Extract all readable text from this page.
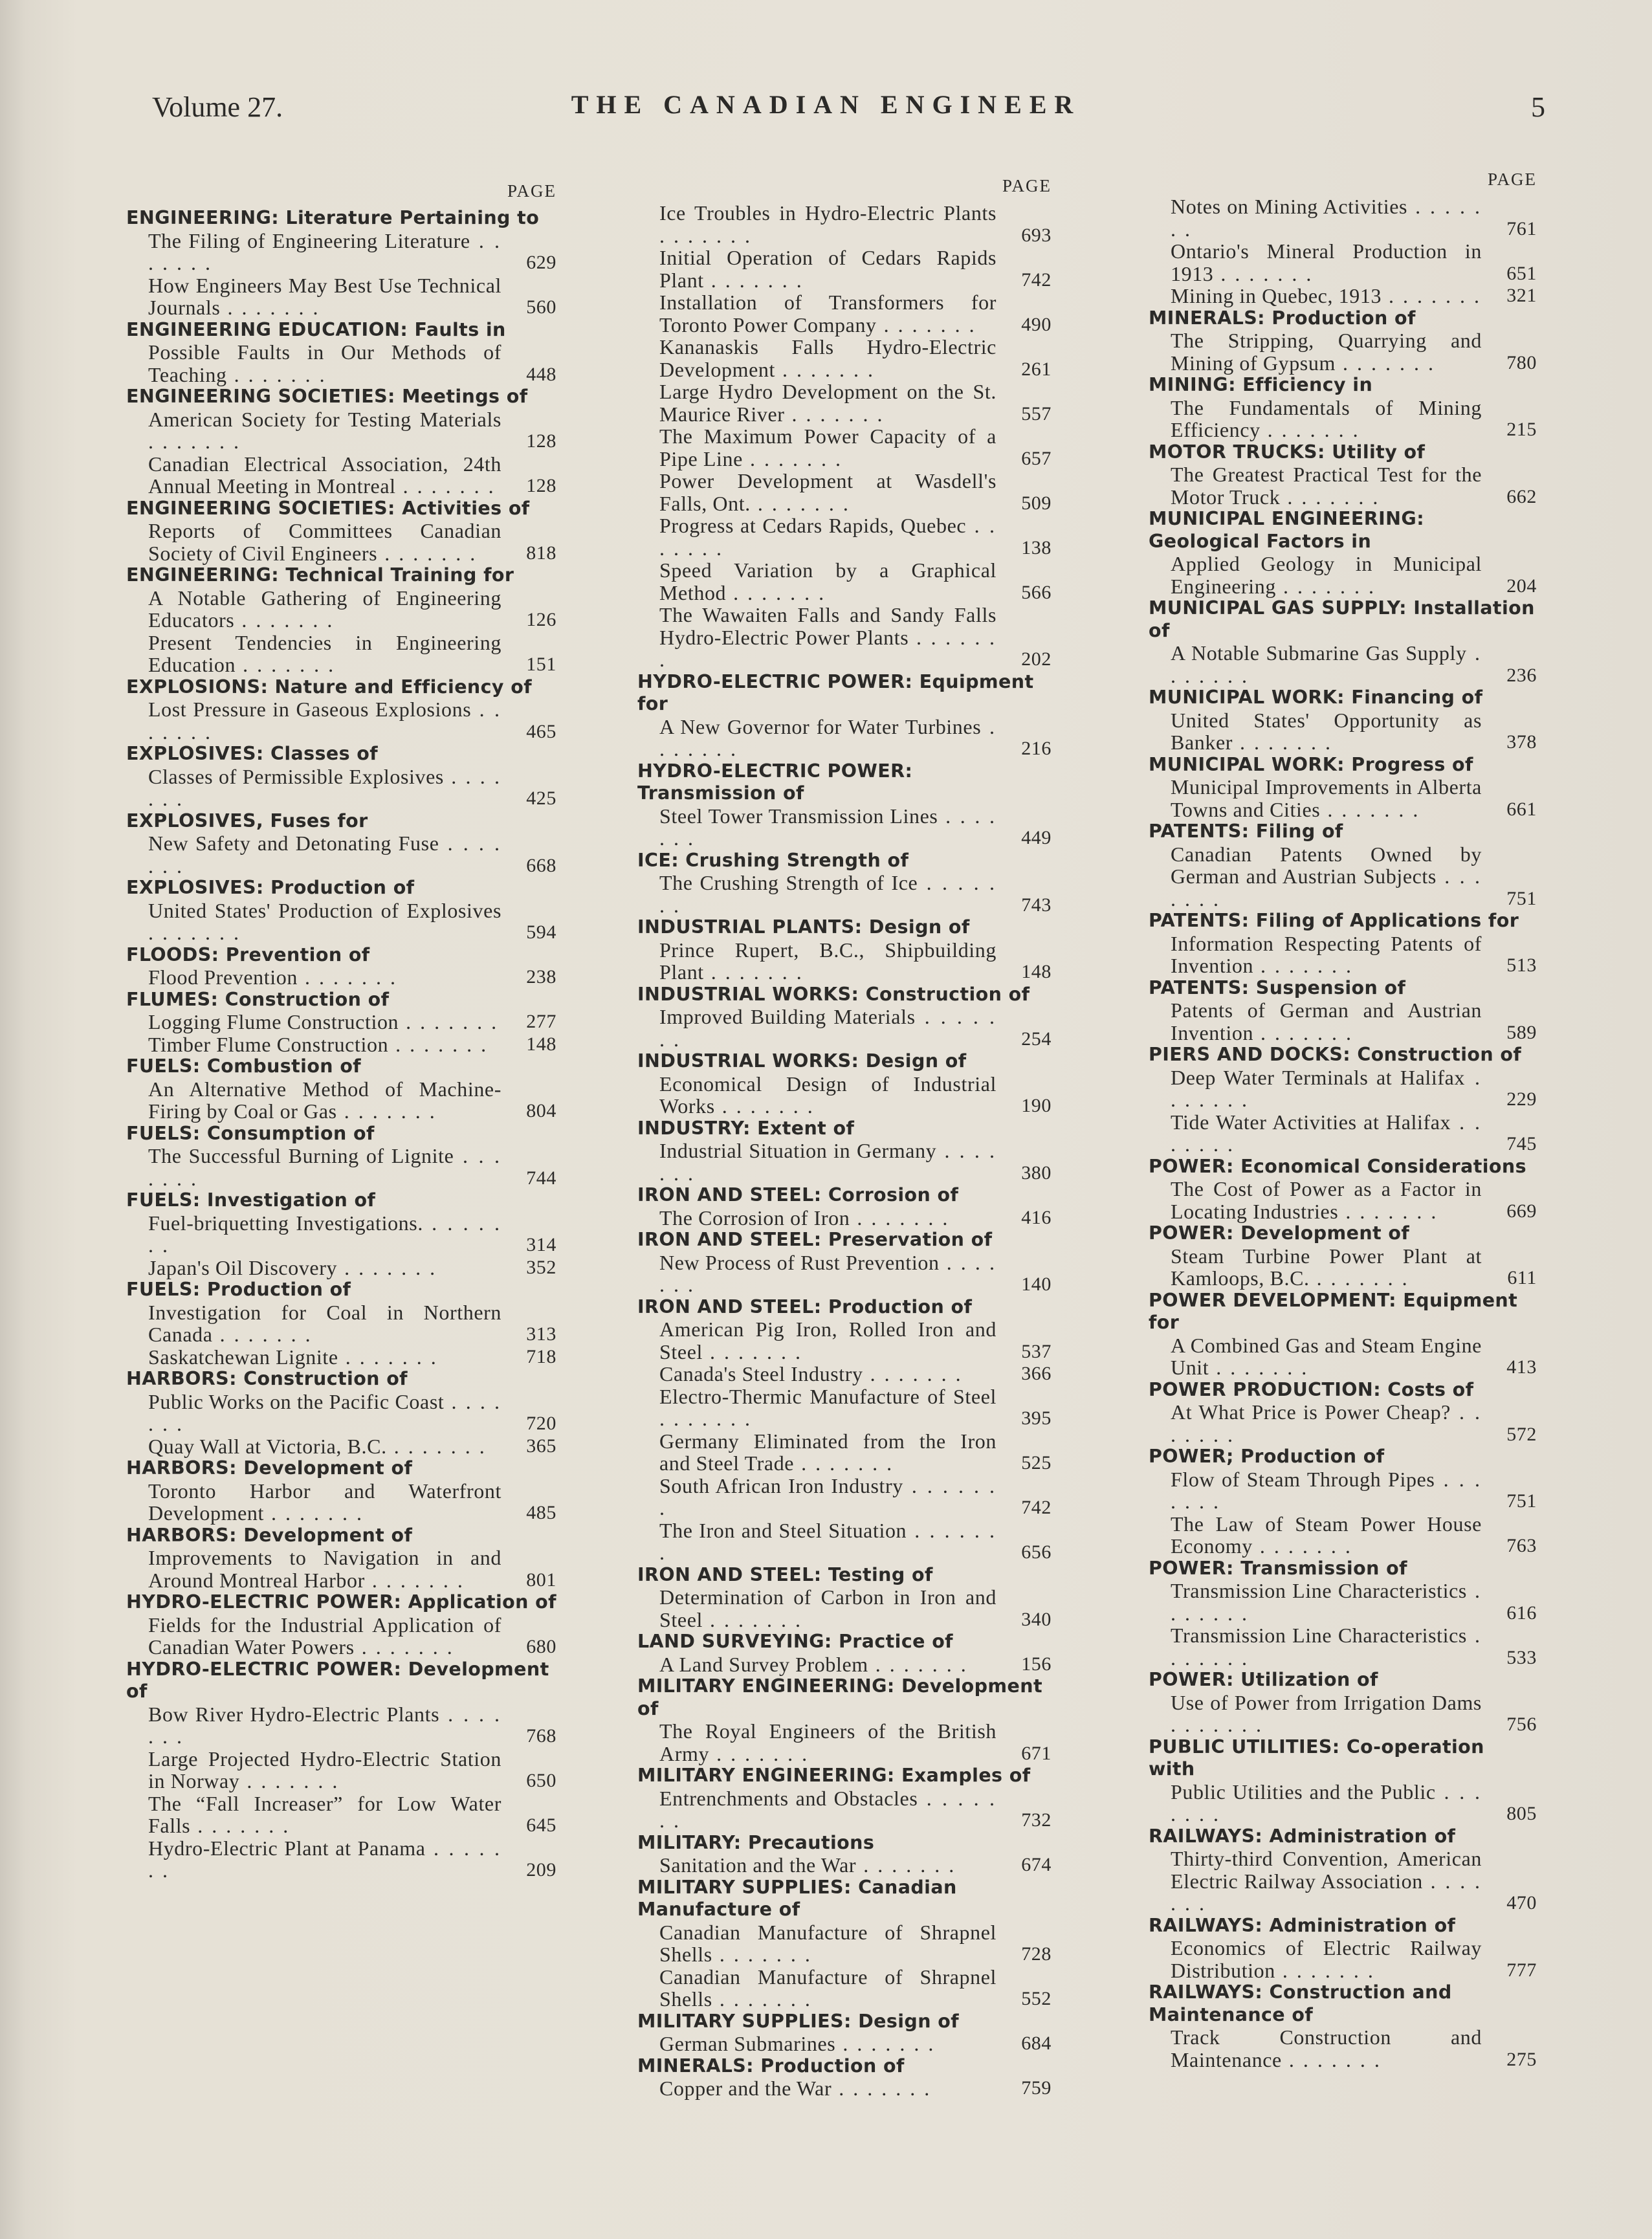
Volume 27.	THE CANADIAN ENGINEER	5
PAGE
ENGINEERING: Literature Pertaining to
The Filing of Engineering Literature . . . . . . .	629
How Engineers May Best Use Technical Journals . . . . . . .	560
ENGINEERING EDUCATION: Faults in
Possible Faults in Our Methods of Teaching . . . . . . .	448
ENGINEERING SOCIETIES: Meetings of
American Society for Testing Materials . . . . . . .	128
Canadian Electrical Association, 24th Annual Meeting in Montreal . . . . . . .	128
ENGINEERING SOCIETIES: Activities of
Reports of Committees Canadian Society of Civil Engineers . . . . . . .	818
ENGINEERING: Technical Training for
A Notable Gathering of Engineering Educators . . . . . . .	126
Present Tendencies in Engineering Education . . . . . . .	151
EXPLOSIONS: Nature and Efficiency of
Lost Pressure in Gaseous Explosions . . . . . . .	465
EXPLOSIVES: Classes of
Classes of Permissible Explosives . . . . . . .	425
EXPLOSIVES, Fuses for
New Safety and Detonating Fuse . . . . . . .	668
EXPLOSIVES: Production of
United States' Production of Explosives . . . . . . .	594
FLOODS: Prevention of
Flood Prevention . . . . . . .	238
FLUMES: Construction of
Logging Flume Construction . . . . . . .	277
Timber Flume Construction . . . . . . .	148
FUELS: Combustion of
An Alternative Method of Machine-Firing by Coal or Gas . . . . . . .	804
FUELS: Consumption of
The Successful Burning of Lignite . . . . . . .	744
FUELS: Investigation of
Fuel-briquetting Investigations. . . . . . . .	314
Japan's Oil Discovery . . . . . . .	352
FUELS: Production of
Investigation for Coal in Northern Canada . . . . . . .	313
Saskatchewan Lignite . . . . . . .	718
HARBORS: Construction of
Public Works on the Pacific Coast . . . . . . .	720
Quay Wall at Victoria, B.C. . . . . . . .	365
HARBORS: Development of
Toronto Harbor and Waterfront Development . . . . . . .	485
HARBORS: Development of
Improvements to Navigation in and Around Montreal Harbor . . . . . . .	801
HYDRO-ELECTRIC POWER: Application of
Fields for the Industrial Application of Canadian Water Powers . . . . . . .	680
HYDRO-ELECTRIC POWER: Development of
Bow River Hydro-Electric Plants . . . . . . .	768
Large Projected Hydro-Electric Station in Norway . . . . . . .	650
The “Fall Increaser” for Low Water Falls . . . . . . .	645
Hydro-Electric Plant at Panama . . . . . . .	209
PAGE
Ice Troubles in Hydro-Electric Plants . . . . . . .	693
Initial Operation of Cedars Rapids Plant . . . . . . .	742
Installation of Transformers for Toronto Power Company . . . . . . .	490
Kananaskis Falls Hydro-Electric Development . . . . . . .	261
Large Hydro Development on the St. Maurice River . . . . . . .	557
The Maximum Power Capacity of a Pipe Line . . . . . . .	657
Power Development at Wasdell's Falls, Ont. . . . . . . .	509
Progress at Cedars Rapids, Quebec . . . . . . .	138
Speed Variation by a Graphical Method . . . . . . .	566
The Wawaiten Falls and Sandy Falls Hydro-Electric Power Plants . . . . . . .	202
HYDRO-ELECTRIC POWER: Equipment for
A New Governor for Water Turbines . . . . . . .	216
HYDRO-ELECTRIC POWER: Transmission of
Steel Tower Transmission Lines . . . . . . .	449
ICE: Crushing Strength of
The Crushing Strength of Ice . . . . . . .	743
INDUSTRIAL PLANTS: Design of
Prince Rupert, B.C., Shipbuilding Plant . . . . . . .	148
INDUSTRIAL WORKS: Construction of
Improved Building Materials . . . . . . .	254
INDUSTRIAL WORKS: Design of
Economical Design of Industrial Works . . . . . . .	190
INDUSTRY: Extent of
Industrial Situation in Germany . . . . . . .	380
IRON AND STEEL: Corrosion of
The Corrosion of Iron . . . . . . .	416
IRON AND STEEL: Preservation of
New Process of Rust Prevention . . . . . . .	140
IRON AND STEEL: Production of
American Pig Iron, Rolled Iron and Steel . . . . . . .	537
Canada's Steel Industry . . . . . . .	366
Electro-Thermic Manufacture of Steel . . . . . . .	395
Germany Eliminated from the Iron and Steel Trade . . . . . . .	525
South African Iron Industry . . . . . . .	742
The Iron and Steel Situation . . . . . . .	656
IRON AND STEEL: Testing of
Determination of Carbon in Iron and Steel . . . . . . .	340
LAND SURVEYING: Practice of
A Land Survey Problem . . . . . . .	156
MILITARY ENGINEERING: Development of
The Royal Engineers of the British Army . . . . . . .	671
MILITARY ENGINEERING: Examples of
Entrenchments and Obstacles . . . . . . .	732
MILITARY: Precautions
Sanitation and the War . . . . . . .	674
MILITARY SUPPLIES: Canadian Manufacture of
Canadian Manufacture of Shrapnel Shells . . . . . . .	728
Canadian Manufacture of Shrapnel Shells . . . . . . .	552
MILITARY SUPPLIES: Design of
German Submarines . . . . . . .	684
MINERALS: Production of
Copper and the War . . . . . . .	759
PAGE
Notes on Mining Activities . . . . . . .	761
Ontario's Mineral Production in 1913 . . . . . . .	651
Mining in Quebec, 1913 . . . . . . .	321
MINERALS: Production of
The Stripping, Quarrying and Mining of Gypsum . . . . . . .	780
MINING: Efficiency in
The Fundamentals of Mining Efficiency . . . . . . .	215
MOTOR TRUCKS: Utility of
The Greatest Practical Test for the Motor Truck . . . . . . .	662
MUNICIPAL ENGINEERING: Geological Factors in
Applied Geology in Municipal Engineering . . . . . . .	204
MUNICIPAL GAS SUPPLY: Installation of
A Notable Submarine Gas Supply . . . . . . .	236
MUNICIPAL WORK: Financing of
United States' Opportunity as Banker . . . . . . .	378
MUNICIPAL WORK: Progress of
Municipal Improvements in Alberta Towns and Cities . . . . . . .	661
PATENTS: Filing of
Canadian Patents Owned by German and Austrian Subjects . . . . . . .	751
PATENTS: Filing of Applications for
Information Respecting Patents of Invention . . . . . . .	513
PATENTS: Suspension of
Patents of German and Austrian Invention . . . . . . .	589
PIERS AND DOCKS: Construction of
Deep Water Terminals at Halifax . . . . . . .	229
Tide Water Activities at Halifax . . . . . . .	745
POWER: Economical Considerations
The Cost of Power as a Factor in Locating Industries . . . . . . .	669
POWER: Development of
Steam Turbine Power Plant at Kamloops, B.C. . . . . . . .	611
POWER DEVELOPMENT: Equipment for
A Combined Gas and Steam Engine Unit . . . . . . .	413
POWER PRODUCTION: Costs of
At What Price is Power Cheap? . . . . . . .	572
POWER; Production of
Flow of Steam Through Pipes . . . . . . .	751
The Law of Steam Power House Economy . . . . . . .	763
POWER: Transmission of
Transmission Line Characteristics . . . . . . .	616
Transmission Line Characteristics . . . . . . .	533
POWER: Utilization of
Use of Power from Irrigation Dams . . . . . . .	756
PUBLIC UTILITIES: Co-operation with
Public Utilities and the Public . . . . . . .	805
RAILWAYS: Administration of
Thirty-third Convention, American Electric Railway Association . . . . . . .	470
RAILWAYS: Administration of
Economics of Electric Railway Distribution . . . . . . .	777
RAILWAYS: Construction and Maintenance of
Track Construction and Maintenance . . . . . . .	275
